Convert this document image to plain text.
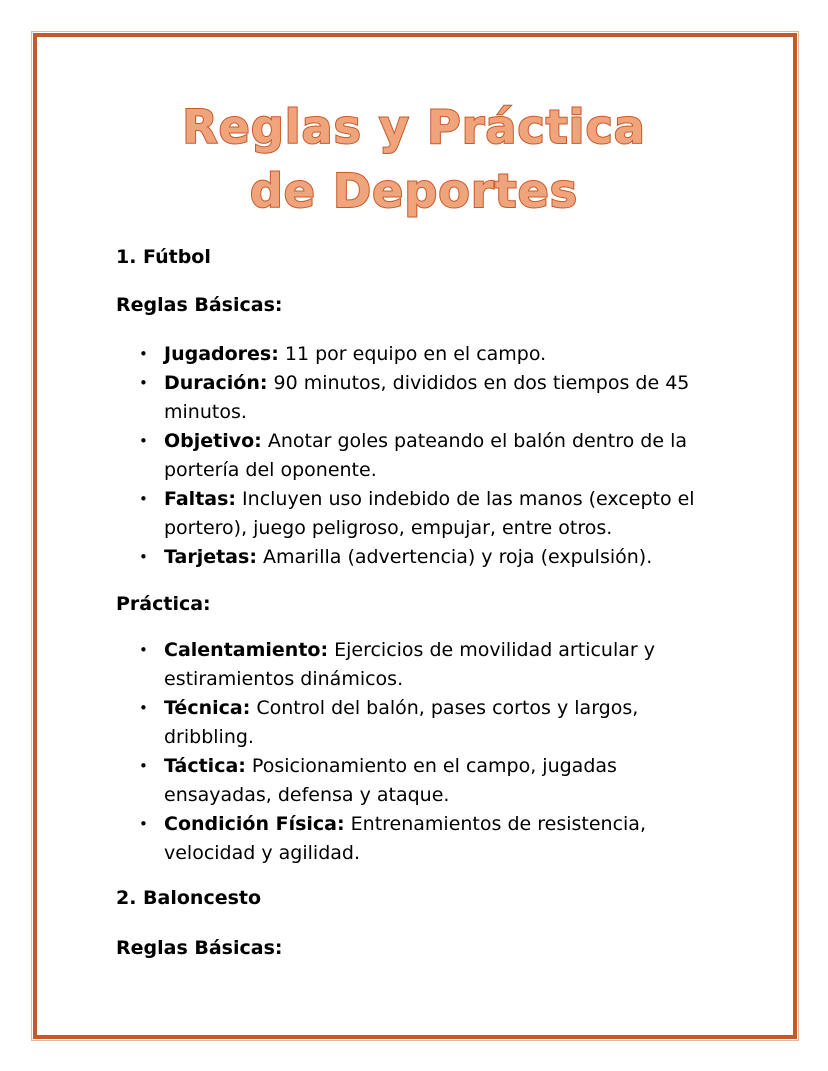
Reglas y Práctica
de Deportes
1. Fútbol
Reglas Básicas:
• Jugadores: 11 por equipo en el campo.
• Duración: 90 minutos, divididos en dos tiempos de 45
minutos.
• Objetivo: Anotar goles pateando el balón dentro de la
portería del oponente.
• Faltas: Incluyen uso indebido de las manos (excepto el
portero), juego peligroso, empujar, entre otros.
• Tarjetas: Amarilla (advertencia) y roja (expulsión).
Práctica:
• Calentamiento: Ejercicios de movilidad articular y
estiramientos dinámicos.
• Técnica: Control del balón, pases cortos y largos,
dribbling.
• Táctica: Posicionamiento en el campo, jugadas
ensayadas, defensa y ataque.
• Condición Física: Entrenamientos de resistencia,
velocidad y agilidad.
2. Baloncesto
Reglas Básicas:
